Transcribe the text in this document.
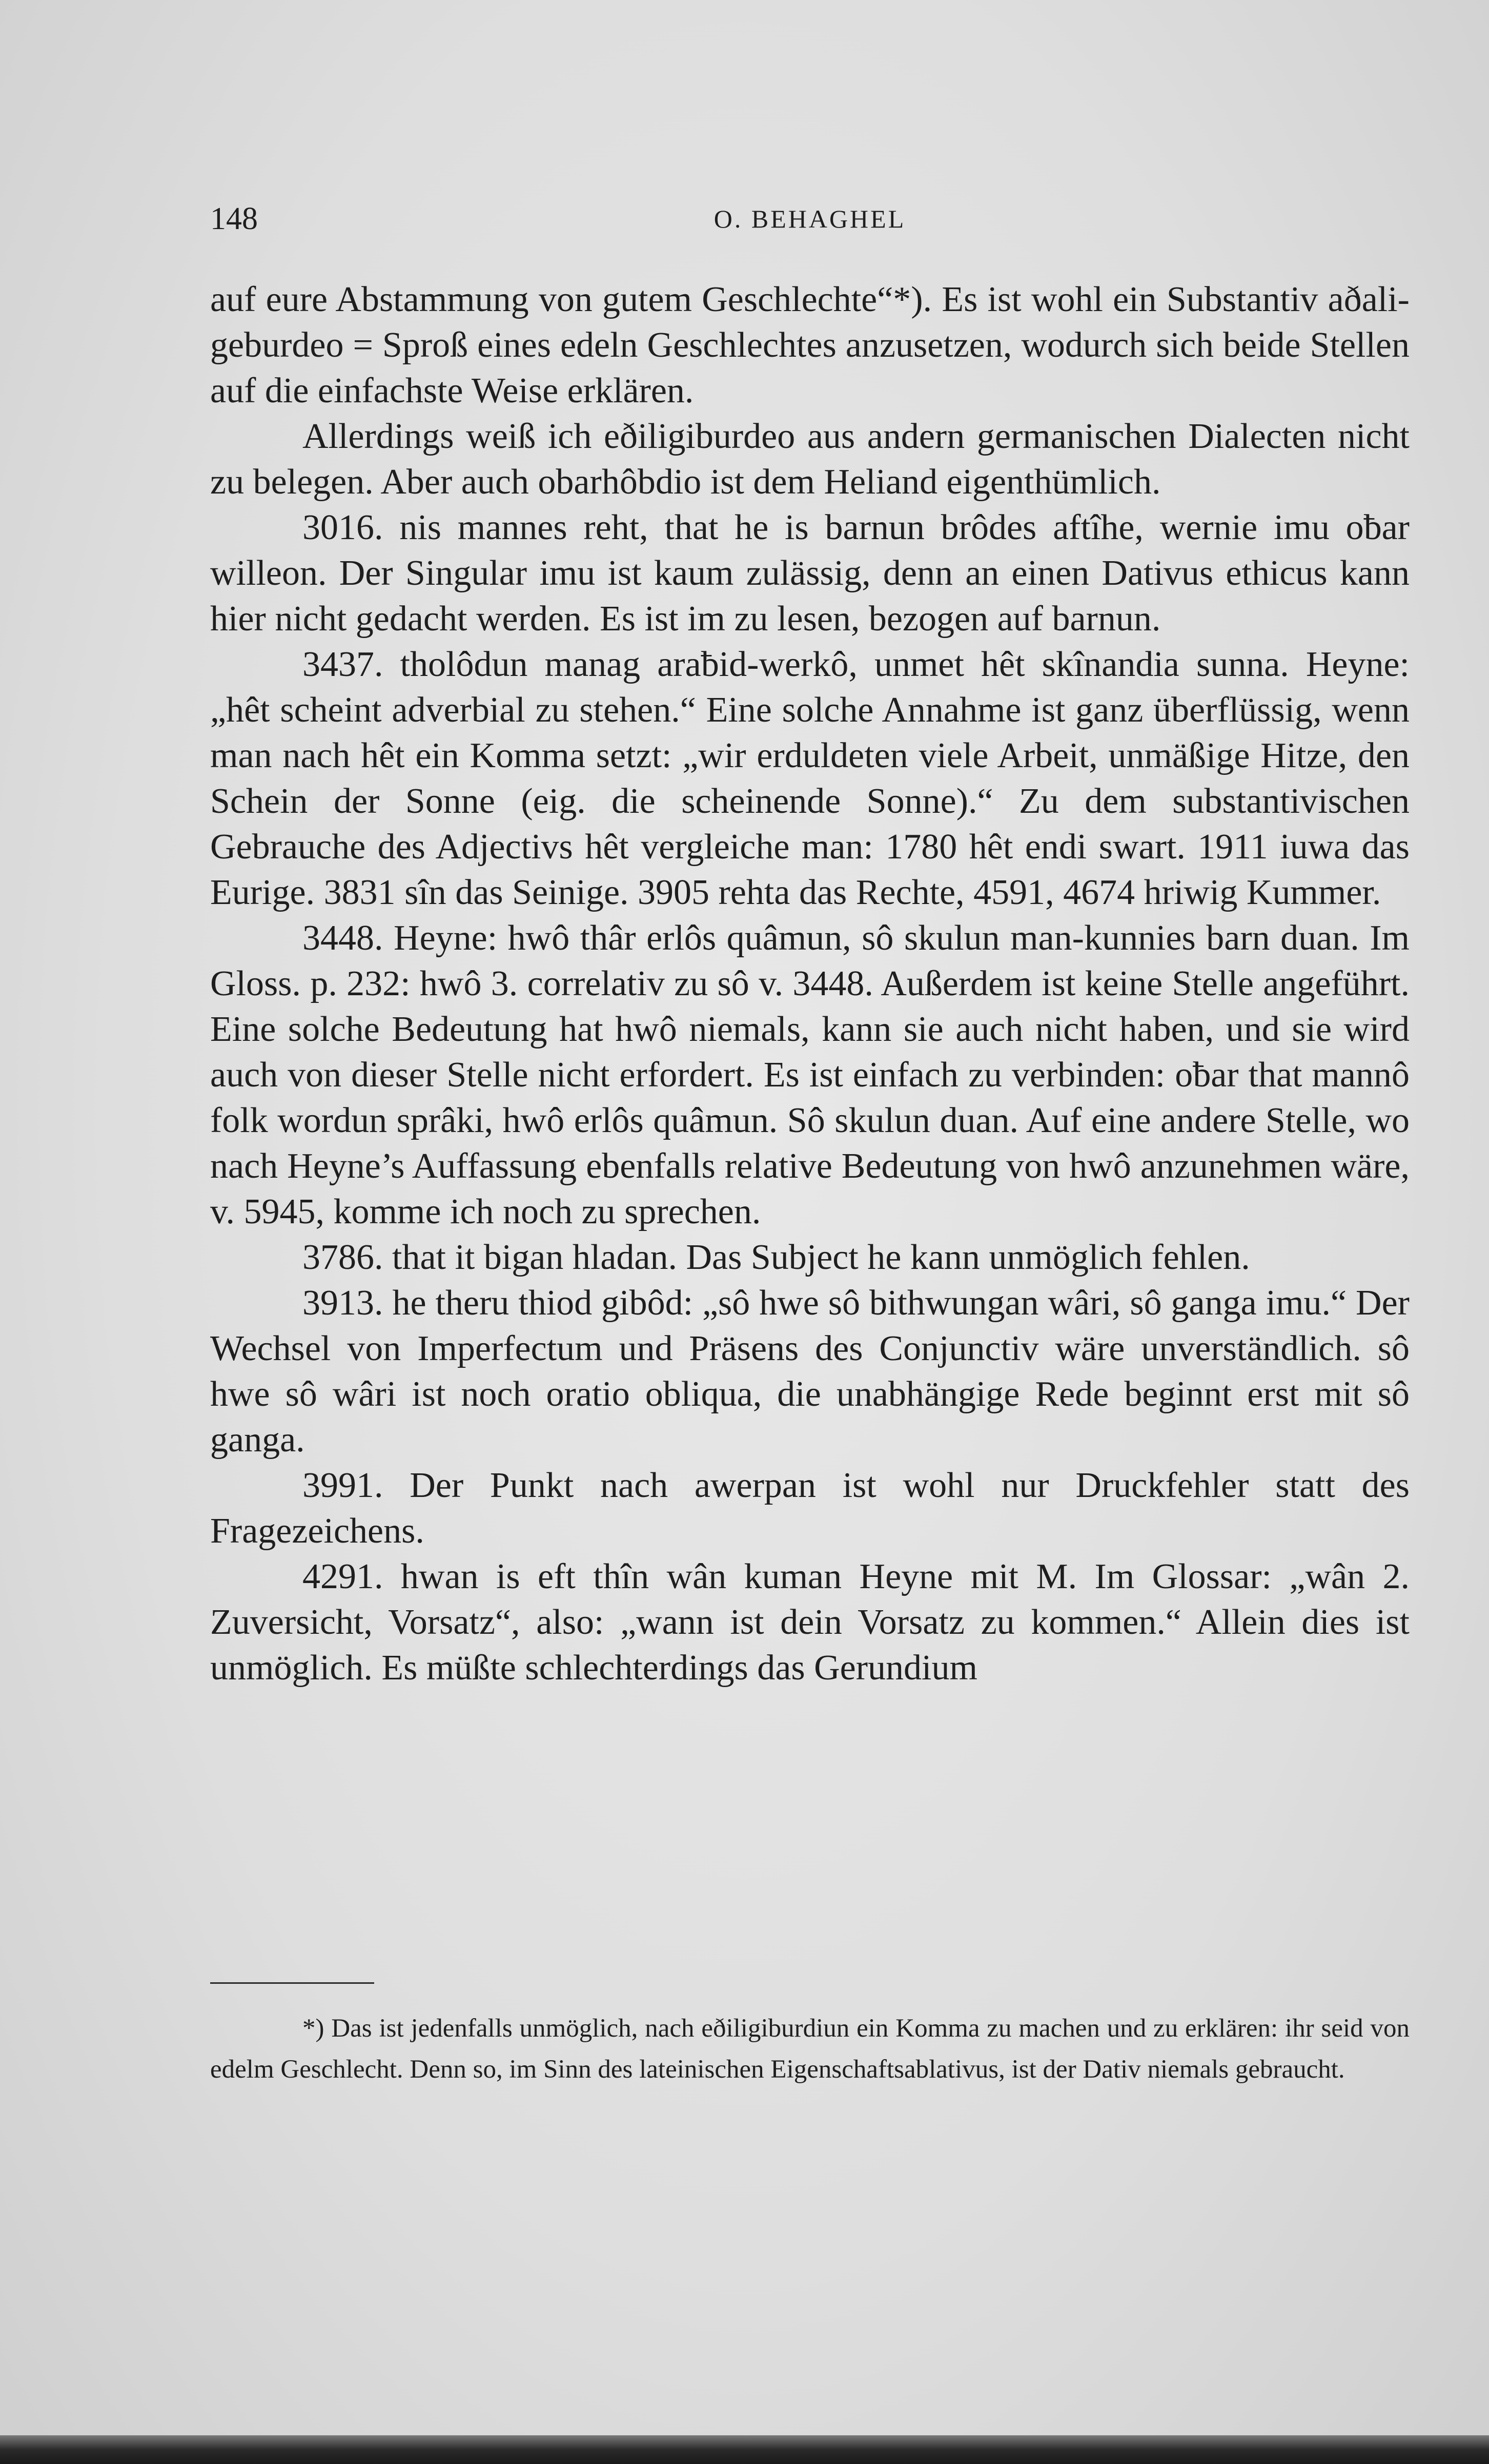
148	O. BEHAGHEL

auf eure Abstammung von gutem Geschlechte“*). Es ist wohl ein Substantiv aðali-geburdeo = Sproß eines edeln Geschlechtes anzusetzen, wodurch sich beide Stellen auf die einfachste Weise erklären.

Allerdings weiß ich eðiligiburdeo aus andern germanischen Dialecten nicht zu belegen. Aber auch obarhôbdio ist dem Heliand eigenthümlich.

3016. nis mannes reht, that he is barnun brôdes aftîhe, wernie imu oƀar willeon. Der Singular imu ist kaum zulässig, denn an einen Dativus ethicus kann hier nicht gedacht werden. Es ist im zu lesen, bezogen auf barnun.

3437. tholôdun manag araƀid-werkô, unmet hêt skînandia sunna. Heyne: „hêt scheint adverbial zu stehen.“ Eine solche Annahme ist ganz überflüssig, wenn man nach hêt ein Komma setzt: „wir erduldeten viele Arbeit, unmäßige Hitze, den Schein der Sonne (eig. die scheinende Sonne).“ Zu dem substantivischen Gebrauche des Adjectivs hêt vergleiche man: 1780 hêt endi swart. 1911 iuwa das Eurige. 3831 sîn das Seinige. 3905 rehta das Rechte, 4591, 4674 hriwig Kummer.

3448. Heyne: hwô thâr erlôs quâmun, sô skulun man-kunnies barn duan. Im Gloss. p. 232: hwô 3. correlativ zu sô v. 3448. Außerdem ist keine Stelle angeführt. Eine solche Bedeutung hat hwô niemals, kann sie auch nicht haben, und sie wird auch von dieser Stelle nicht erfordert. Es ist einfach zu verbinden: oƀar that mannô folk wordun sprâki, hwô erlôs quâmun. Sô skulun duan. Auf eine andere Stelle, wo nach Heyne’s Auffassung ebenfalls relative Bedeutung von hwô anzunehmen wäre, v. 5945, komme ich noch zu sprechen.

3786. that it bigan hladan. Das Subject he kann unmöglich fehlen.

3913. he theru thiod gibôd: „sô hwe sô bithwungan wâri, sô ganga imu.“ Der Wechsel von Imperfectum und Präsens des Conjunctiv wäre unverständlich. sô hwe sô wâri ist noch oratio obliqua, die unabhängige Rede beginnt erst mit sô ganga.

3991. Der Punkt nach awerpan ist wohl nur Druckfehler statt des Fragezeichens.

4291. hwan is eft thîn wân kuman Heyne mit M. Im Glossar: „wân 2. Zuversicht, Vorsatz“, also: „wann ist dein Vorsatz zu kommen.“ Allein dies ist unmöglich. Es müßte schlechterdings das Gerundium

*) Das ist jedenfalls unmöglich, nach eðiligiburdiun ein Komma zu machen und zu erklären: ihr seid von edelm Geschlecht. Denn so, im Sinn des lateinischen Eigenschaftsablativus, ist der Dativ niemals gebraucht.
